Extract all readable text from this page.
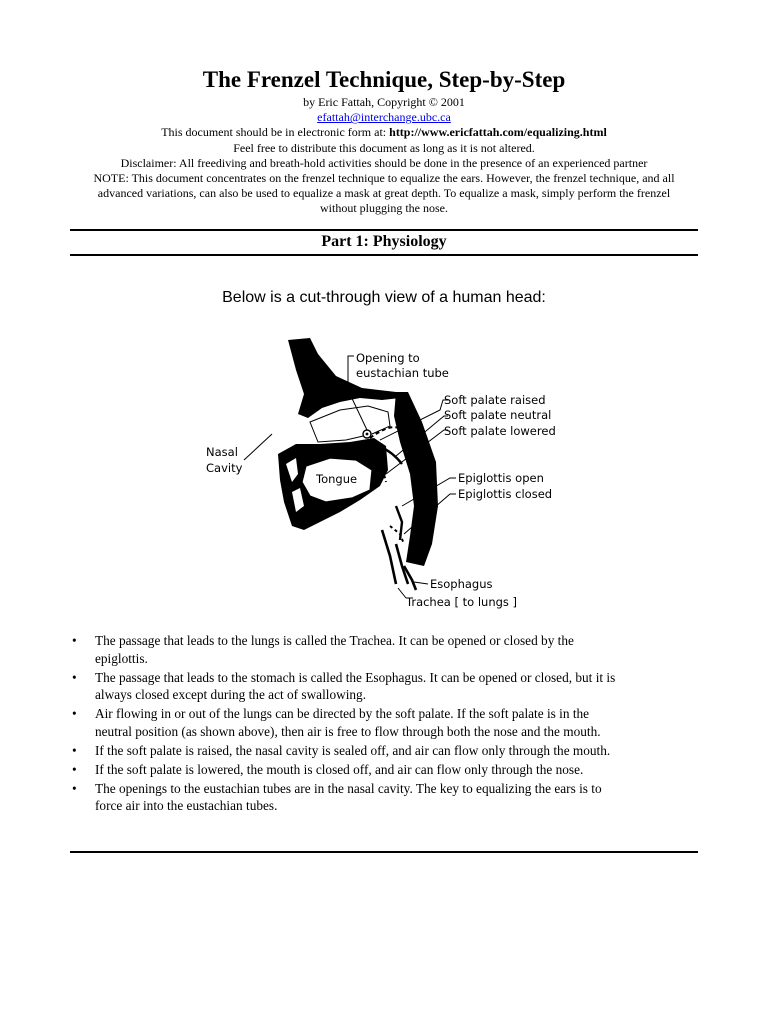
The Frenzel Technique, Step-by-Step
by Eric Fattah, Copyright © 2001
efattah@interchange.ubc.ca
This document should be in electronic form at: http://www.ericfattah.com/equalizing.html
Feel free to distribute this document as long as it is not altered.
Disclaimer: All freediving and breath-hold activities should be done in the presence of an experienced partner
NOTE: This document concentrates on the frenzel technique to equalize the ears. However, the frenzel technique, and all
advanced variations, can also be used to equalize a mask at great depth. To equalize a mask, simply perform the frenzel
without plugging the nose.
Part 1: Physiology
Below is a cut-through view of a human head:
Tongue
Opening to
eustachian tube
Soft palate raised
Soft palate neutral
Soft palate lowered
Nasal
Cavity
Epiglottis open
Epiglottis closed
Esophagus
Trachea [ to lungs ]
• The passage that leads to the lungs is called the Trachea. It can be opened or closed by the
epiglottis.
• The passage that leads to the stomach is called the Esophagus. It can be opened or closed, but it is
always closed except during the act of swallowing.
• Air flowing in or out of the lungs can be directed by the soft palate. If the soft palate is in the
neutral position (as shown above), then air is free to flow through both the nose and the mouth.
• If the soft palate is raised, the nasal cavity is sealed off, and air can flow only through the mouth.
• If the soft palate is lowered, the mouth is closed off, and air can flow only through the nose.
• The openings to the eustachian tubes are in the nasal cavity. The key to equalizing the ears is to
force air into the eustachian tubes.
